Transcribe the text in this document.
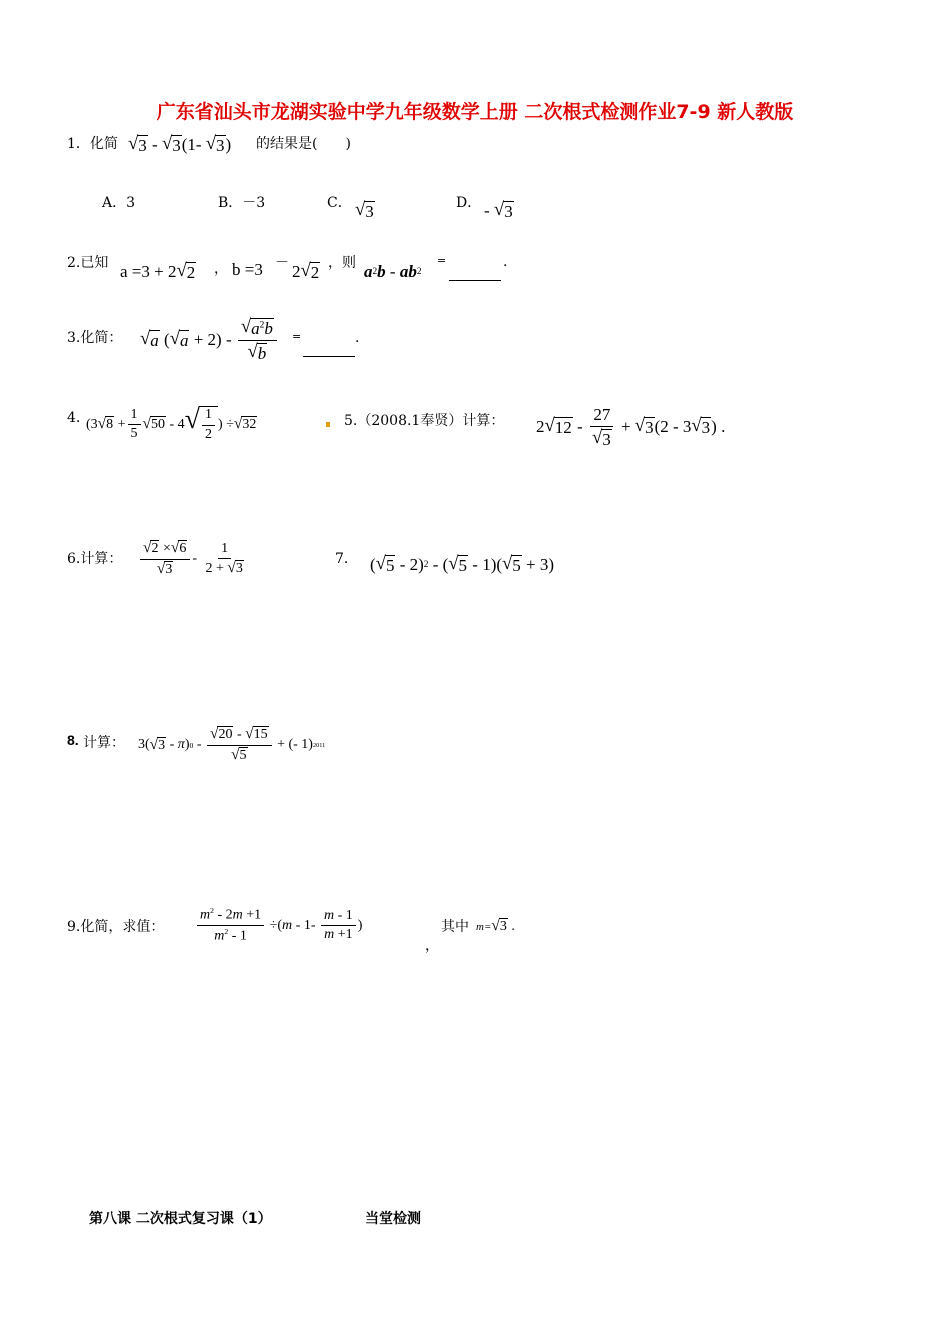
广东省汕头市龙湖实验中学九年级数学上册 二次根式检测作业7-9 新人教版
1．化简 √ 3 - √ 3 (1- √ 3 ) 的结果是(　　)
A．3	B．－3	C． √ 3	D． - √ 3
2.已知 a =3 + 2 √ 2 ， b =3 － 2 √ 2 ，则 a 2 b - ab 2
=	.
3.化简： √ a ( √ $a + 2) - \frac{√ a^2b}{√ b}$ =	.
4. (3 √ $8 + \frac{1}{5}$ √ 50 - 4 √ $\frac{1}{2}$ ) ÷ √ 32	5.（2008.1奉贤）计算： 2 √ $12 - \frac{27}{√ 3}$ + √ 3 (2 - 3 √ 3 ) .
6.计算： $\frac{√ 2 \times √ 6}{√ 3} - \frac{1}{2 + √ 3}$	7． ( √ 5 - 2) 2 - ( √ 5 - 1)( √ 5 + 3)
8. 计算： 3( √ 3 - π ) $0 - \frac{√ 20 - √ 15}{√ 5}$ + (- 1) 2011
9.化简，求值： $\frac{m^2 - 2m +1}{m^2 - 1}$ ÷( m - $1- \frac{m - 1}{m +1}$ )
，
其中 m= √ 3 .
第八课 二次根式复习课（1）	当堂检测
